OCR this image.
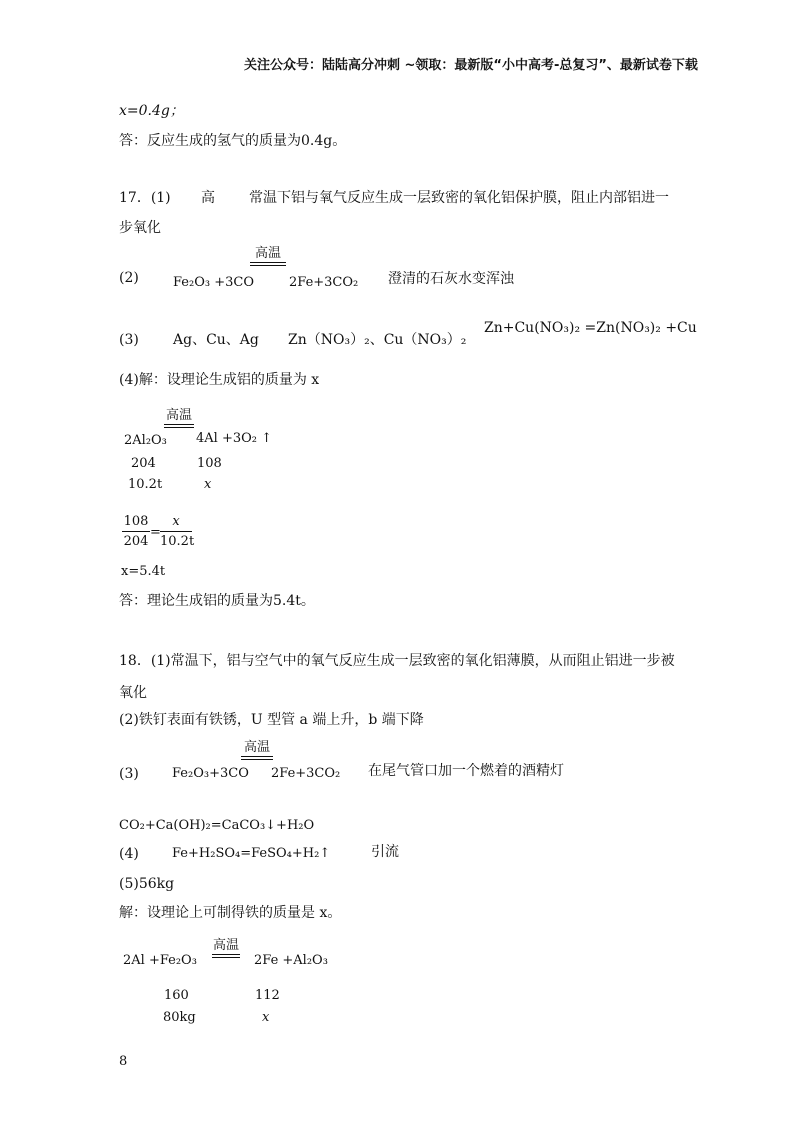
关注公众号：陆陆高分冲刺 ~领取：最新版“小中高考-总复习”、最新试卷下载
x=0.4g；
答：反应生成的氢气的质量为0.4g。
17．(1) 高 常温下铝与氧气反应生成一层致密的氧化铝保护膜，阻止内部铝进一
步氧化
(2)	Fe₂O₃ +3CO
高温
2Fe+3CO₂ 澄清的石灰水变浑浊
(3) Ag、Cu、Ag Zn（NO₃）₂、Cu（NO₃）₂
Zn+Cu(NO₃)₂ =Zn(NO₃)₂ +Cu
(4)解：设理论生成铝的质量为 x
高温
2Al₂O₃ 4Al +3O₂ ↑
204	108
10.2t	x
$\frac{108}{204} = \frac{x}{10.2t}$
x=5.4t
答：理论生成铝的质量为5.4t。
18．(1)常温下，铝与空气中的氧气反应生成一层致密的氧化铝薄膜，从而阻止铝进一步被
氧化
(2)铁钉表面有铁锈，U 型管 a 端上升，b 端下降
(3)	Fe₂O₃+3CO
高温
2Fe+3CO₂ 在尾气管口加一个燃着的酒精灯
CO₂+Ca(OH)₂=CaCO₃↓+H₂O
(4)	Fe+H₂SO₄=FeSO₄+H₂↑	引流
(5)56kg
解：设理论上可制得铁的质量是 x。
2Al +Fe₂O₃
高温
2Fe +Al₂O₃
160	112
80kg	x
8
